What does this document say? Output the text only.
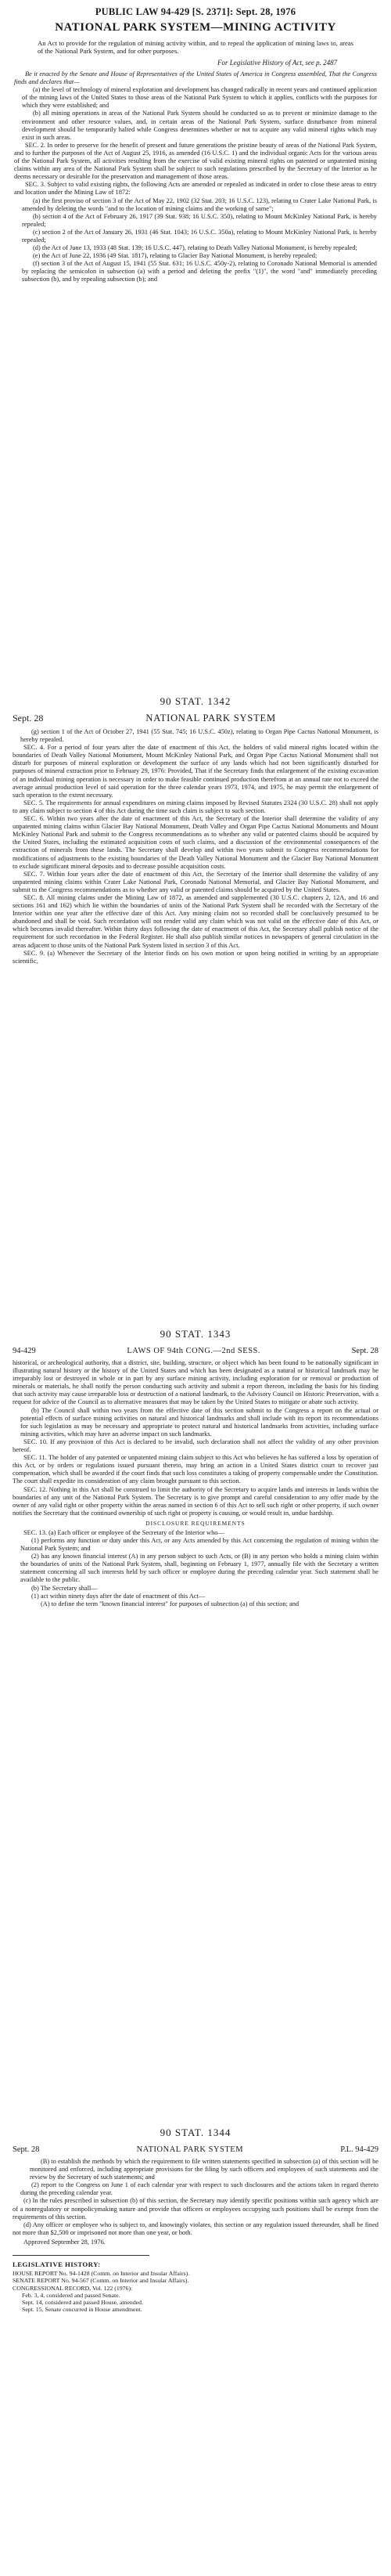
PUBLIC LAW 94-429 [S. 2371]: Sept. 28, 1976
NATIONAL PARK SYSTEM—MINING ACTIVITY
An Act to provide for the regulation of mining activity within, and to repeal the application of mining laws to, areas of the National Park System, and for other purposes.
For Legislative History of Act, see p. 2487

Be it enacted by the Senate and House of Representatives of the United States of America in Congress assembled, That the Congress finds and declares that—

(a) the level of technology of mineral exploration and development has changed radically in recent years and continued application of the mining laws of the United States to those areas of the National Park System to which it applies, conflicts with the purposes for which they were established; and

(b) all mining operations in areas of the National Park System should be conducted so as to prevent or minimize damage to the environment and other resource values, and, in certain areas of the National Park System, surface disturbance from mineral development should be temporarily halted while Congress determines whether or not to acquire any valid mineral rights which may exist in such areas.

SEC. 2. In order to preserve for the benefit of present and future generations the pristine beauty of areas of the National Park System, and to further the purposes of the Act of August 25, 1916, as amended (16 U.S.C. 1) and the individual organic Acts for the various areas of the National Park System, all activities resulting from the exercise of valid existing mineral rights on patented or unpatented mining claims within any area of the National Park System shall be subject to such regulations prescribed by the Secretary of the Interior as he deems necessary or desirable for the preservation and management of those areas.

SEC. 3. Subject to valid existing rights, the following Acts are amended or repealed as indicated in order to close these areas to entry and location under the Mining Law of 1872:

(a) the first proviso of section 3 of the Act of May 22, 1902 (32 Stat. 203; 16 U.S.C. 123), relating to Crater Lake National Park, is amended by deleting the words "and to the location of mining claims and the working of same";

(b) section 4 of the Act of February 26, 1917 (39 Stat. 938; 16 U.S.C. 350), relating to Mount McKinley National Park, is hereby repealed;

(c) section 2 of the Act of January 26, 1931 (46 Stat. 1043; 16 U.S.C. 350a), relating to Mount McKinley National Park, is hereby repealed;

(d) the Act of June 13, 1933 (48 Stat. 139; 16 U.S.C. 447), relating to Death Valley National Monument, is hereby repealed;

(e) the Act of June 22, 1936 (49 Stat. 1817), relating to Glacier Bay National Monument, is hereby repealed;

(f) section 3 of the Act of August 15, 1941 (55 Stat. 631; 16 U.S.C. 450y-2), relating to Coronado National Memorial is amended by replacing the semicolon in subsection (a) with a period and deleting the prefix "(1)", the word "and" immediately preceding subsection (b), and by repealing subsection (b); and

90 STAT. 1342
Sept. 28	NATIONAL PARK SYSTEM

(g) section 1 of the Act of October 27, 1941 (55 Stat. 745; 16 U.S.C. 450z), relating to Organ Pipe Cactus National Monument, is hereby repealed.

SEC. 4. For a period of four years after the date of enactment of this Act, the holders of valid mineral rights located within the boundaries of Death Valley National Monument, Mount McKinley National Park, and Organ Pipe Cactus National Monument shall not disturb for purposes of mineral exploration or development the surface of any lands which had not been significantly disturbed for purposes of mineral extraction prior to February 29, 1976: Provided, That if the Secretary finds that enlargement of the existing excavation of an individual mining operation is necessary in order to make feasible continued production therefrom at an annual rate not to exceed the average annual production level of said operation for the three calendar years 1973, 1974, and 1975, he may permit the enlargement of such operation to the extent necessary.

SEC. 5. The requirements for annual expenditures on mining claims imposed by Revised Statutes 2324 (30 U.S.C. 28) shall not apply to any claim subject to section 4 of this Act during the time such claim is subject to such section.

SEC. 6. Within two years after the date of enactment of this Act, the Secretary of the Interior shall determine the validity of any unpatented mining claims within Glacier Bay National Monument, Death Valley and Organ Pipe Cactus National Monuments and Mount McKinley National Park and submit to the Congress recommendations as to whether any valid or patented claims should be acquired by the United States, including the estimated acquisition costs of such claims, and a discussion of the environmental consequences of the extraction of minerals from these lands. The Secretary shall develop and within two years submit to Congress recommendations for modifications of adjustments to the existing boundaries of the Death Valley National Monument and the Glacier Bay National Monument to exclude significant mineral deposits and to decrease possible acquisition costs.

SEC. 7. Within four years after the date of enactment of this Act, the Secretary of the Interior shall determine the validity of any unpatented mining claims within Crater Lake National Park, Coronado National Memorial, and Glacier Bay National Monument, and submit to the Congress recommendations as to whether any valid or patented claims should be acquired by the United States.

SEC. 8. All mining claims under the Mining Law of 1872, as amended and supplemented (30 U.S.C. chapters 2, 12A, and 16 and sections 161 and 162) which lie within the boundaries of units of the National Park System shall be recorded with the Secretary of the Interior within one year after the effective date of this Act. Any mining claim not so recorded shall be conclusively presumed to be abandoned and shall be void. Such recordation will not render valid any claim which was not valid on the effective date of this Act, or which becomes invalid thereafter. Within thirty days following the date of enactment of this Act, the Secretary shall publish notice of the requirement for such recordation in the Federal Register. He shall also publish similar notices in newspapers of general circulation in the areas adjacent to those units of the National Park System listed in section 3 of this Act.

SEC. 9. (a) Whenever the Secretary of the Interior finds on his own motion or upon being notified in writing by an appropriate scientific,

90 STAT. 1343
94-429	LAWS OF 94th CONG.—2nd SESS.	Sept. 28

historical, or archeological authority, that a district, site, building, structure, or object which has been found to be nationally significant in illustrating natural history or the history of the United States and which has been designated as a natural or historical landmark may be irreparably lost or destroyed in whole or in part by any surface mining activity, including exploration for or removal or production of minerals or materials, he shall notify the person conducting such activity and submit a report thereon, including the basis for his finding that such activity may cause irreparable loss or destruction of a national landmark, to the Advisory Council on Historic Preservation, with a request for advice of the Council as to alternative measures that may be taken by the United States to mitigate or abate such activity.

(b) The Council shall within two years from the effective date of this section submit to the Congress a report on the actual or potential effects of surface mining activities on natural and historical landmarks and shall include with its report its recommendations for such legislation as may be necessary and appropriate to protect natural and historical landmarks from activities, including surface mining activities, which may have an adverse impact on such landmarks.

SEC. 10. If any provision of this Act is declared to be invalid, such declaration shall not affect the validity of any other provision hereof.

SEC. 11. The holder of any patented or unpatented mining claim subject to this Act who believes he has suffered a loss by operation of this Act, or by orders or regulations issued pursuant thereto, may bring an action in a United States district court to recover just compensation, which shall be awarded if the court finds that such loss constitutes a taking of property compensable under the Constitution. The court shall expedite its consideration of any claim brought pursuant to this section.

SEC. 12. Nothing in this Act shall be construed to limit the authority of the Secretary to acquire lands and interests in lands within the boundaries of any unit of the National Park System. The Secretary is to give prompt and careful consideration to any offer made by the owner of any valid right or other property within the areas named in section 6 of this Act to sell such right or other property, if such owner notifies the Secretary that the continued ownership of such right or property is causing, or would result in, undue hardship.

DISCLOSURE REQUIREMENTS

SEC. 13. (a) Each officer or employee of the Secretary of the Interior who—

(1) performs any function or duty under this Act, or any Acts amended by this Act concerning the regulation of mining within the National Park System; and

(2) has any known financial interest (A) in any person subject to such Acts, or (B) in any person who holds a mining claim within the boundaries of units of the National Park System, shall, beginning on February 1, 1977, annually file with the Secretary a written statement concerning all such interests held by such officer or employee during the preceding calendar year. Such statement shall be available to the public.

(b) The Secretary shall—

(1) act within ninety days after the date of enactment of this Act—

(A) to define the term "known financial interest" for purposes of subsection (a) of this section; and

90 STAT. 1344
Sept. 28	NATIONAL PARK SYSTEM	P.L. 94-429

(B) to establish the methods by which the requirement to file written statements specified in subsection (a) of this section will be monitored and enforced, including appropriate provisions for the filing by such officers and employees of such statements and the review by the Secretary of such statements; and

(2) report to the Congress on June 1 of each calendar year with respect to such disclosures and the actions taken in regard thereto during the preceding calendar year.

(c) In the rules prescribed in subsection (b) of this section, the Secretary may identify specific positions within such agency which are of a nonregulatory or nonpolicymaking nature and provide that officers or employees occupying such positions shall be exempt from the requirements of this section.

(d) Any officer or employee who is subject to, and knowingly violates, this section or any regulation issued thereunder, shall be fined not more than $2,500 or imprisoned not more than one year, or both.

Approved September 28, 1976.

LEGISLATIVE HISTORY:
HOUSE REPORT No. 94-1428 (Comm. on Interior and Insular Affairs).
SENATE REPORT No. 94-567 (Comm. on Interior and Insular Affairs).
CONGRESSIONAL RECORD, Vol. 122 (1976):
Feb. 3, 4, considered and passed Senate.
Sept. 14, considered and passed House, amended.
Sept. 15, Senate concurred in House amendment.
